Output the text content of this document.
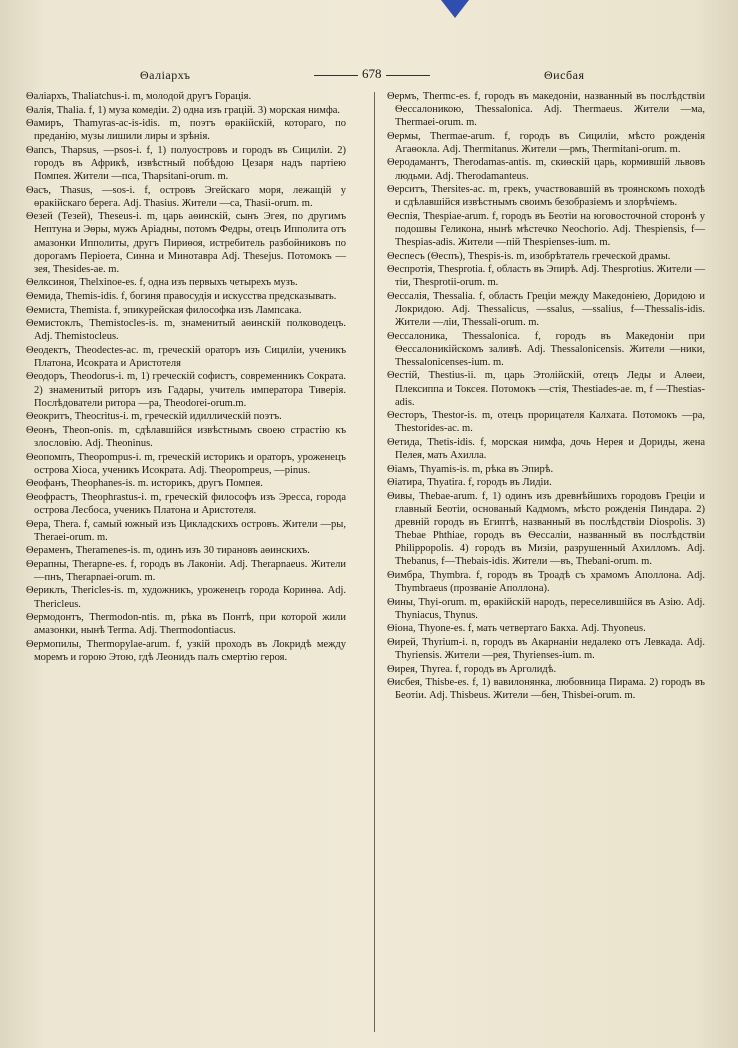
Θаліархъ	678	Θисбая
Θаліархъ, Thaliatchus-i. m, молодой другъ Горація.
Θалія, Thalia. f, 1) муза комедіи. 2) одна изъ грацій. 3) морская нимфа.
Θамиръ, Thamyras-ac-is-idis. m, поэтъ ѳракійскій, котораго, по преданію, музы лишили лиры и зрѣнія.
Θапсъ, Thapsus, —psos-i. f, 1) полуостровъ и городъ въ Сициліи. 2) городъ въ Африкѣ, извѣстный побѣдою Цезаря надъ партіею Помпея. Жители —пса, Thapsitani-orum. m.
Θасъ, Thasus, —sos-i. f, островъ Эгейскаго моря, лежащій у ѳракійскаго берега. Adj. Thasius. Жители —са, Thasii-orum. m.
Θезей (Тезей), Theseus-i. m, царь аѳинскій, сынъ Эгея, по другимъ Нептуна и Эѳры, мужъ Аріадны, потомъ Федры, отецъ Ипполита отъ амазонки Ипполиты, другъ Пириѳоя, истребитель разбойниковъ по дорогамъ Періоета, Синна и Минотавра Adj. Thesejus. Потомокъ —зея, Thesides-ae. m.
Θелксиноя, Thelxinoe-es. f, одна изъ первыхъ четырехъ музъ.
Θемида, Themis-idis. f, богиня правосудія и искусства предсказывать.
Θемиста, Themista. f, эпикурейская философка изъ Лампсака.
Θемистоклъ, Themistocles-is. m, знаменитый аѳинскій полководецъ. Adj. Themistocleus.
Θеодектъ, Theodectes-ac. m, греческій ораторъ изъ Сициліи, ученикъ Платона, Исократа и Аристотеля
Θеодоръ, Theodorus-i. m, 1) греческій софистъ, современникъ Сократа. 2) знаменитый риторъ изъ Гадары, учитель императора Тиверія. Послѣдователи ритора —ра, Theodorei-orum.m.
Θеокритъ, Theocritus-i. m, греческій идиллическій поэтъ.
Θеонъ, Theon-onis. m, сдѣлавшійся извѣстнымъ своею страстію къ злословію. Adj. Theoninus.
Θеопомпъ, Theopompus-i. m, греческій историкъ и ораторъ, уроженецъ острова Хіоса, ученикъ Исократа. Adj. Theopompeus, —pinus.
Θеофанъ, Theophanes-is. m. историкъ, другъ Помпея.
Θеофрастъ, Theophrastus-i. m, греческій философъ изъ Эресса, города острова Лесбоса, ученикъ Платона и Аристотеля.
Θера, Thera. f, самый южный изъ Цикладскихъ островъ. Жители —ры, Theraei-orum. m.
Θераменъ, Theramenes-is. m, одинъ изъ 30 тирановъ аѳинскихъ.
Θерапны, Therapne-es. f, городъ въ Лаконіи. Adj. Therapnaeus. Жители —пнъ, Therapnaei-orum. m.
Θериклъ, Thericles-is. m, художникъ, уроженецъ города Коринѳа. Adj. Thericleus.
Θермодонтъ, Thermodon-ntis. m, рѣка въ Понтѣ, при которой жили амазонки, нынѣ Terma. Adj. Thermodontiacus.
Θермопилы, Thermopylae-arum. f, узкій проходъ въ Локридѣ между моремъ и горою Этою, гдѣ Леонидъ палъ смертію героя.
Θермъ, Thermc-es. f, городъ въ македоніи, названный въ послѣдствіи Ѳессалоникою, Thessalonica. Adj. Thermaeus. Жители —ма, Thermaei-orum. m.
Θермы, Thermae-arum. f, городъ въ Сициліи, мѣсто рожденія Агаѳокла. Adj. Thermitanus. Жители —рмъ, Thermitani-orum. m.
Θеродамантъ, Therodamas-antis. m, скиѳскій царь, кормившій львовъ людьми. Adj. Therodamanteus.
Θерситъ, Thersites-ac. m, грекъ, участвовавшій въ троянскомъ походѣ и сдѣлавшійся извѣстнымъ своимъ безобразіемъ и злорѣчіемъ.
Θеспія, Thespiae-arum. f, городъ въ Беотіи на юговосточной сторонѣ у подошвы Геликона, нынѣ мѣстечко Neochorio. Adj. Thespiensis, f—Thespias-adis. Жители —пій Thespienses-ium. m.
Θеспесъ (Θеспъ), Thespis-is. m, изобрѣтатель греческой драмы.
Θеспротія, Thesprotia. f, область въ Эпирѣ. Adj. Thesprotius. Жители —тіи, Thesprotii-orum. m.
Θессалія, Thessalia. f, область Греціи между Македоніею, Доридою и Локридою. Adj. Thessalicus, —ssalus, —ssalius, f—Thessalis-idis. Жители —ліи, Thessali-orum. m.
Θессалоника, Thessalonica. f, городъ въ Македоніи при Ѳессалоникійскомъ заливѣ. Adj. Thessalonicensis. Жители —ники, Thessalonicenses-ium. m.
Θестій, Thestius-ii. m, царь Этолійскій, отецъ Леды и Алѳеи, Плексиппа и Токсея. Потомокъ —стія, Thestiades-ae. m, f —Thestias-adis.
Θесторъ, Thestor-is. m, отецъ прорицателя Калхата. Потомокъ —ра, Thestorides-ac. m.
Θетида, Thetis-idis. f, морская нимфа, дочь Нерея и Дориды, жена Пелея, мать Ахилла.
Θіамъ, Thyamis-is. m, рѣка въ Эпирѣ.
Θіатира, Thyatira. f, городъ въ Лидіи.
Θивы, Thebae-arum. f, 1) одинъ изъ древнѣйшихъ городовъ Греціи и главный Беотіи, основаный Кадмомъ, мѣсто рожденія Пиндара. 2) древній городъ въ Египтѣ, названный въ послѣдствіи Diospolis. 3) Thebae Phthiae, городъ въ Ѳессаліи, названный въ послѣдствіи Philippopolis. 4) городъ въ Мизіи, разрушенный Ахилломъ. Adj. Thebanus, f—Thebais-idis. Жители —въ, Thebani-orum. m.
Θимбра, Thymbra. f, городъ въ Троадѣ съ храмомъ Аполлона. Adj. Thymbraeus (прозваніе Аполлона).
Θины, Thyi-orum. m, ѳракійскій народъ, переселившійся въ Азію. Adj. Thyniacus, Thynus.
Θіона, Thyone-es. f, мать четвертаго Бакха. Adj. Thyoneus.
Θирей, Thyrium-i. n, городъ въ Акарнаніи недалеко отъ Левкада. Adj. Thyriensis. Жители —рея, Thyrienses-ium. m.
Θирея, Thyrea. f, городъ въ Арголидѣ.
Θисбея, Thisbe-es. f, 1) вавилонянка, любовница Пирама. 2) городъ въ Беотіи. Adj. Thisbeus. Жители —бен, Thisbei-orum. m.
